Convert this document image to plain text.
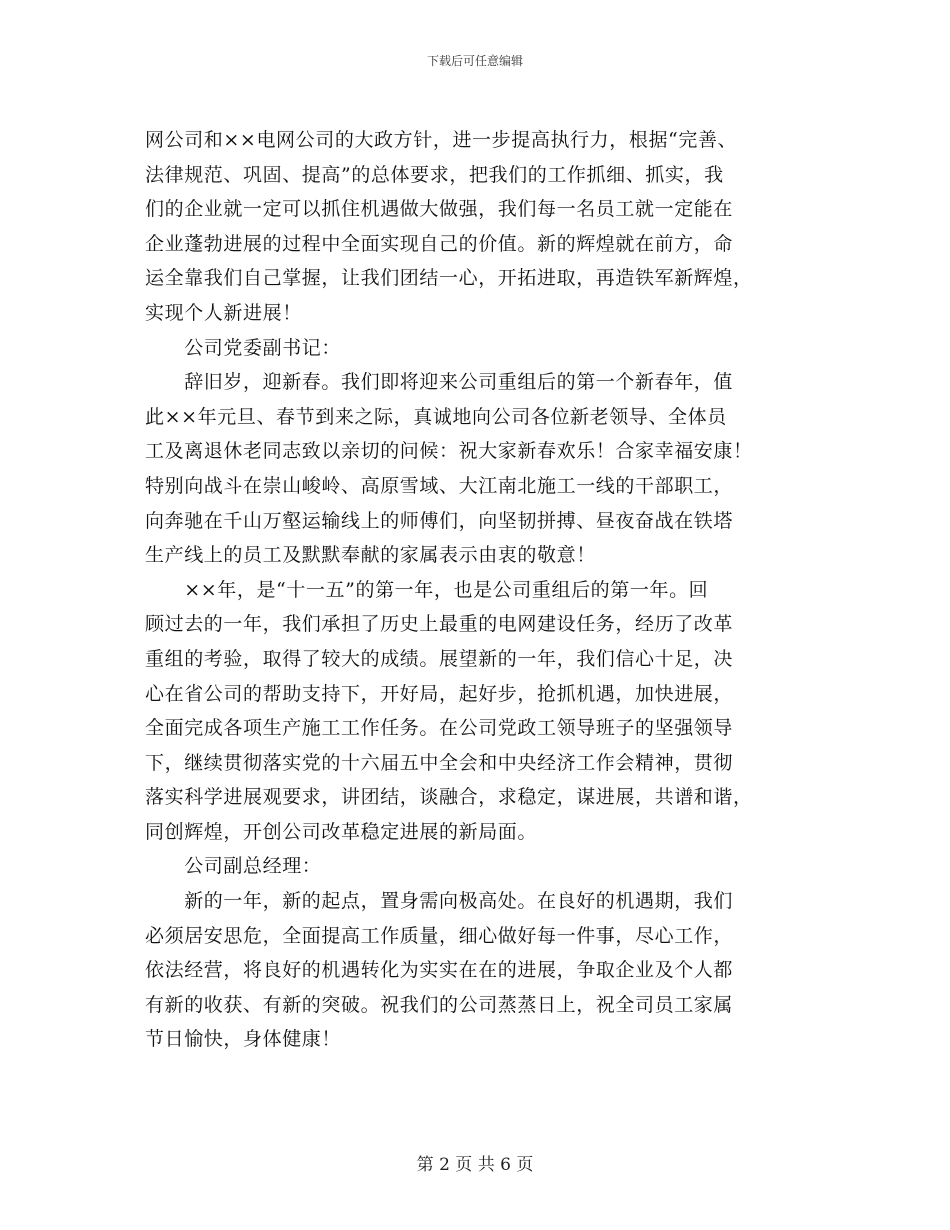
下载后可任意编辑

网公司和××电网公司的大政方针，进一步提高执行力，根据“完善、

法律规范、巩固、提高”的总体要求，把我们的工作抓细、抓实，我

们的企业就一定可以抓住机遇做大做强，我们每一名员工就一定能在

企业蓬勃进展的过程中全面实现自己的价值。新的辉煌就在前方，命

运全靠我们自己掌握，让我们团结一心，开拓进取，再造铁军新辉煌，

实现个人新进展！

　　公司党委副书记：

　　辞旧岁，迎新春。我们即将迎来公司重组后的第一个新春年，值

此××年元旦、春节到来之际，真诚地向公司各位新老领导、全体员

工及离退休老同志致以亲切的问候：祝大家新春欢乐！合家幸福安康！

特别向战斗在崇山峻岭、高原雪域、大江南北施工一线的干部职工，

向奔驰在千山万壑运输线上的师傅们，向坚韧拼搏、昼夜奋战在铁塔

生产线上的员工及默默奉献的家属表示由衷的敬意！

　　××年，是“十一五”的第一年，也是公司重组后的第一年。回

顾过去的一年，我们承担了历史上最重的电网建设任务，经历了改革

重组的考验，取得了较大的成绩。展望新的一年，我们信心十足，决

心在省公司的帮助支持下，开好局，起好步，抢抓机遇，加快进展，

全面完成各项生产施工工作任务。在公司党政工领导班子的坚强领导

下，继续贯彻落实党的十六届五中全会和中央经济工作会精神，贯彻

落实科学进展观要求，讲团结，谈融合，求稳定，谋进展，共谱和谐，

同创辉煌，开创公司改革稳定进展的新局面。

　　公司副总经理：

　　新的一年，新的起点，置身需向极高处。在良好的机遇期，我们

必须居安思危，全面提高工作质量，细心做好每一件事，尽心工作，

依法经营，将良好的机遇转化为实实在在的进展，争取企业及个人都

有新的收获、有新的突破。祝我们的公司蒸蒸日上，祝全司员工家属

节日愉快，身体健康！

第 2 页 共 6 页
